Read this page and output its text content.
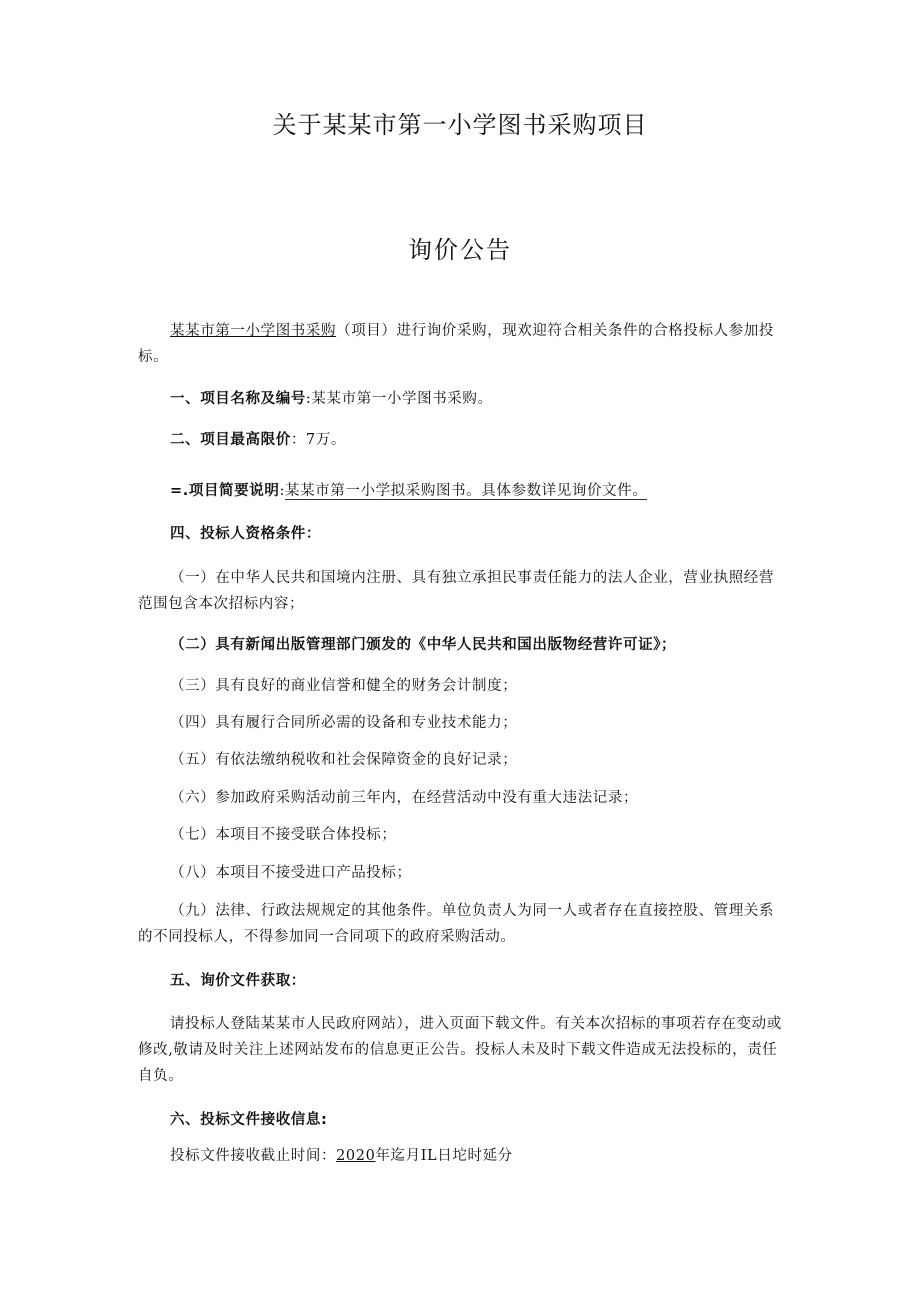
关于某某市第一小学图书采购项目
询价公告
某某市第一小学图书采购（项目）进行询价采购，现欢迎符合相关条件的合格投标人参加投标。
一、项目名称及编号:某某市第一小学图书采购。
二、项目最高限价：7万。
=.项目简要说明:某某市第一小学拟采购图书。具体参数详见询价文件。
四、投标人资格条件：
（一）在中华人民共和国境内注册、具有独立承担民事责任能力的法人企业，营业执照经营范围包含本次招标内容；
（二）具有新闻出版管理部门颁发的《中华人民共和国出版物经营许可证》；
（三）具有良好的商业信誉和健全的财务会计制度；
（四）具有履行合同所必需的设备和专业技术能力；
（五）有依法缴纳税收和社会保障资金的良好记录；
（六）参加政府采购活动前三年内，在经营活动中没有重大违法记录；
（七）本项目不接受联合体投标；
（八）本项目不接受进口产品投标；
（九）法律、行政法规规定的其他条件。单位负责人为同一人或者存在直接控股、管理关系的不同投标人，不得参加同一合同项下的政府采购活动。
五、询价文件获取：
请投标人登陆某某市人民政府网站），进入页面下载文件。有关本次招标的事项若存在变动或修改,敬请及时关注上述网站发布的信息更正公告。投标人未及时下载文件造成无法投标的，责任自负。
六、投标文件接收信息:
投标文件接收截止时间：2020年迄月IL日坨时延分
